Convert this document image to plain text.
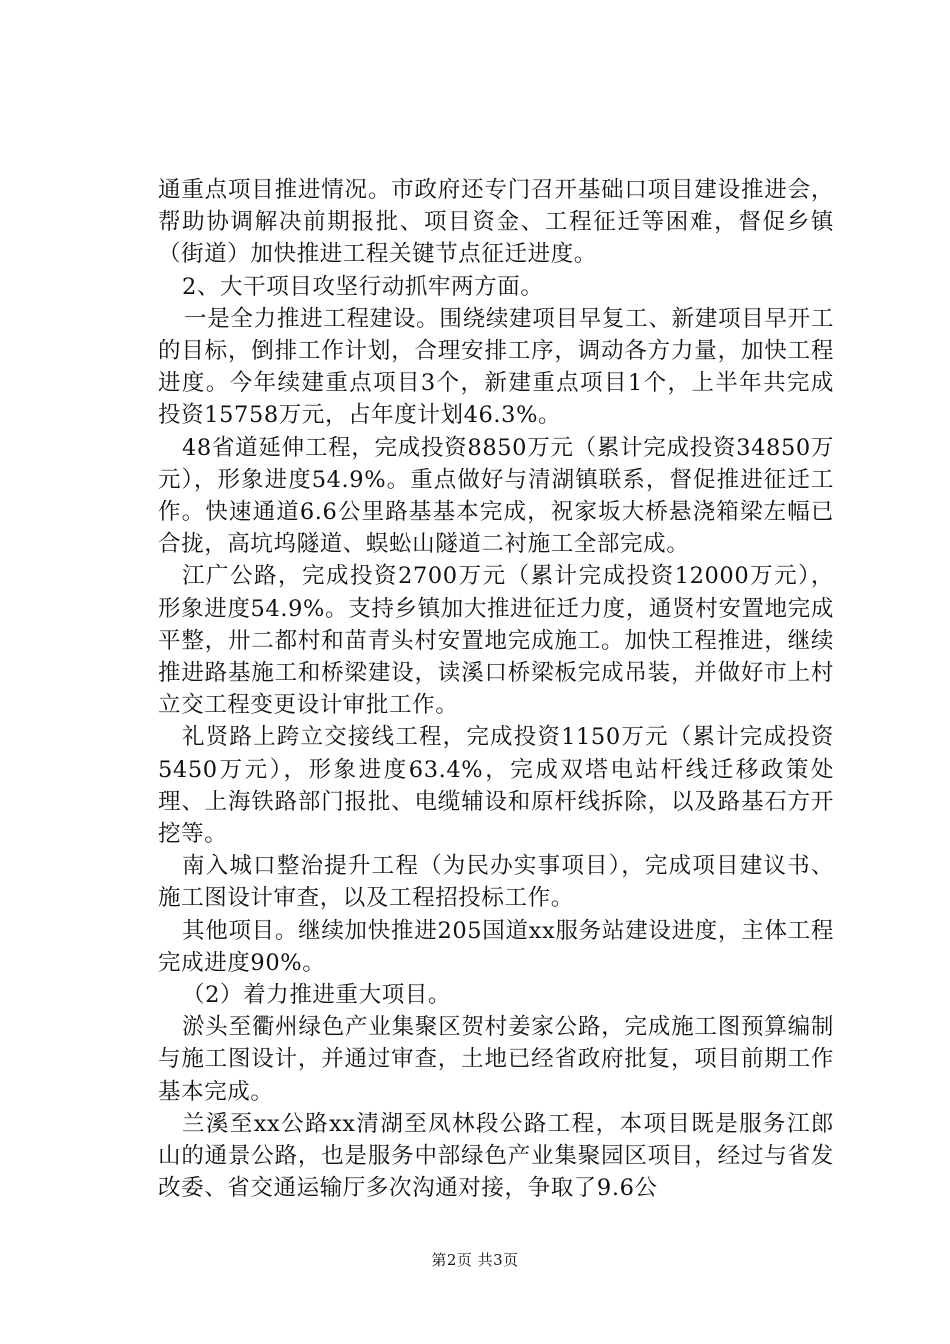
通重点项目推进情况。市政府还专门召开基础口项目建设推进会，帮助协调解决前期报批、项目资金、工程征迁等困难，督促乡镇（街道）加快推进工程关键节点征迁进度。

2、大干项目攻坚行动抓牢两方面。

一是全力推进工程建设。围绕续建项目早复工、新建项目早开工的目标，倒排工作计划，合理安排工序，调动各方力量，加快工程进度。今年续建重点项目3个，新建重点项目1个，上半年共完成投资15758万元，占年度计划46.3%。

48省道延伸工程，完成投资8850万元（累计完成投资34850万元），形象进度54.9%。重点做好与清湖镇联系，督促推进征迁工作。快速通道6.6公里路基基本完成，祝家坂大桥悬浇箱梁左幅已合拢，高坑坞隧道、蜈蚣山隧道二衬施工全部完成。

江广公路，完成投资2700万元（累计完成投资12000万元），形象进度54.9%。支持乡镇加大推进征迁力度，通贤村安置地完成平整，卅二都村和苗青头村安置地完成施工。加快工程推进，继续推进路基施工和桥梁建设，读溪口桥梁板完成吊装，并做好市上村立交工程变更设计审批工作。

礼贤路上跨立交接线工程，完成投资1150万元（累计完成投资5450万元），形象进度63.4%，完成双塔电站杆线迁移政策处理、上海铁路部门报批、电缆辅设和原杆线拆除，以及路基石方开挖等。

南入城口整治提升工程（为民办实事项目），完成项目建议书、施工图设计审查，以及工程招投标工作。

其他项目。继续加快推进205国道xx服务站建设进度，主体工程完成进度90%。

（2）着力推进重大项目。

淤头至衢州绿色产业集聚区贺村姜家公路，完成施工图预算编制与施工图设计，并通过审查，土地已经省政府批复，项目前期工作基本完成。

兰溪至xx公路xx清湖至凤林段公路工程，本项目既是服务江郎山的通景公路，也是服务中部绿色产业集聚园区项目，经过与省发改委、省交通运输厅多次沟通对接，争取了9.6公

第2页 共3页
